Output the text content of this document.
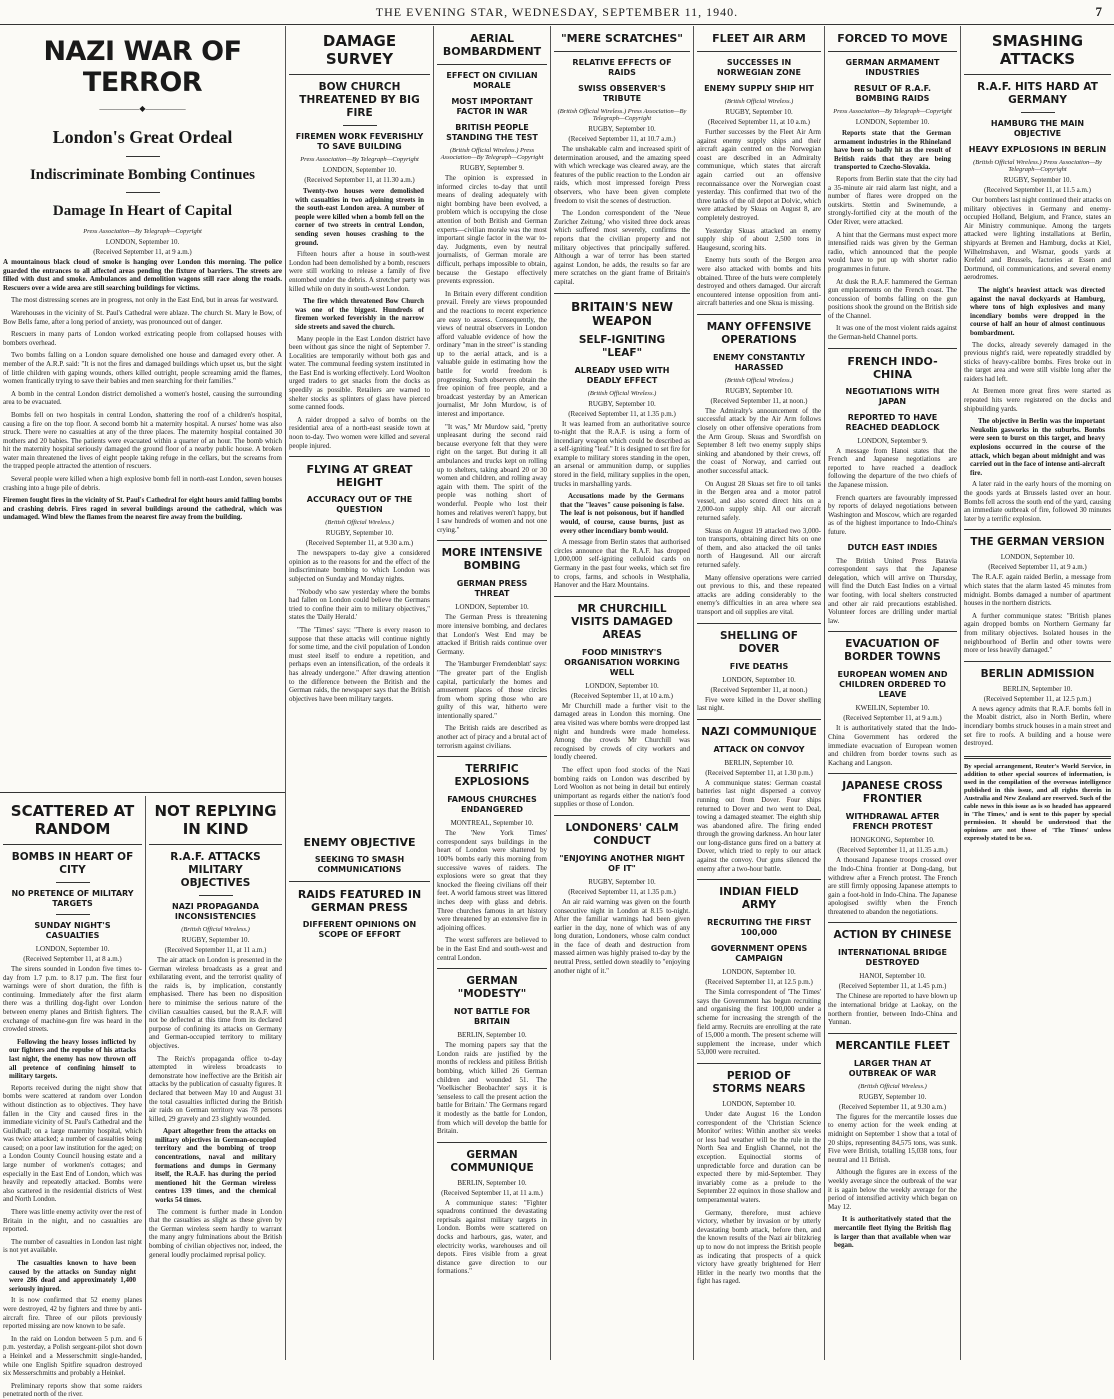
THE EVENING STAR, WEDNESDAY, SEPTEMBER 11, 1940.	7
NAZI WAR OF TERROR
—————◆—————
London's Great Ordeal
Indiscriminate Bombing Continues
Damage In Heart of Capital
Press Association—By Telegraph—Copyright
LONDON, September 10.
(Received September 11, at 9 a.m.)

A mountainous black cloud of smoke is hanging over London this morning. The police guarded the entrances to all affected areas pending the fixture of barriers. The streets are filled with dust and smoke. Ambulances and demolition wagons still race along the roads. Rescuers over a wide area are still searching buildings for victims.

The most distressing scenes are in progress, not only in the East End, but in areas far westward.

Warehouses in the vicinity of St. Paul's Cathedral were ablaze. The church St. Mary le Bow, of Bow Bells fame, after a long period of anxiety, was pronounced out of danger.

Rescuers in many parts of London worked extricating people from collapsed houses with bombers overhead.

Two bombs falling on a London square demolished one house and damaged every other. A member of the A.R.P. said: "It is not the fires and damaged buildings which upset us, but the sight of little children with gaping wounds, others killed outright, people screaming amid the flames, women frantically trying to save their babies and men searching for their families."

A bomb in the central London district demolished a women's hostel, causing the surrounding area to be evacuated.

Bombs fell on two hospitals in central London, shattering the roof of a children's hospital, causing a fire on the top floor. A second bomb hit a maternity hospital. A nurses' home was also struck. There were no casualties at any of the three places. The maternity hospital contained 30 mothers and 20 babies. The patients were evacuated within a quarter of an hour. The bomb which hit the maternity hospital seriously damaged the ground floor of a nearby public house. A broken water main threatened the lives of eight people taking refuge in the cellars, but the screams from the trapped people attracted the attention of rescuers.

Several people were killed when a high explosive bomb fell in north-east London, seven houses crashing into a huge pile of debris.

Firemen fought fires in the vicinity of St. Paul's Cathedral for eight hours amid falling bombs and crashing debris. Fires raged in several buildings around the cathedral, which was undamaged. Wind blew the flames from the nearest fire away from the building.

SCATTERED AT RANDOM
BOMBS IN HEART OF CITY
NO PRETENCE OF MILITARY TARGETS
SUNDAY NIGHT'S CASUALTIES
LONDON, September 10.
(Received September 11, at 8 a.m.)

The sirens sounded in London five times to-day from 1.7 p.m. to 8.17 p.m. The first four warnings were of short duration, the fifth is continuing. Immediately after the first alarm there was a thrilling dog-fight over London between enemy planes and British fighters. The exchange of machine-gun fire was heard in the crowded streets.

Following the heavy losses inflicted by our fighters and the repulse of his attacks last night, the enemy has now thrown off all pretence of confining himself to military targets.

Reports received during the night show that bombs were scattered at random over London without distinction as to objectives. They have fallen in the City and caused fires in the immediate vicinity of St. Paul's Cathedral and the Guildhall; on a large maternity hospital, which was twice attacked; a number of casualties being caused; on a poor law institution for the aged; on a London County Council housing estate and a large number of workmen's cottages; and especially in the East End of London, which was heavily and repeatedly attacked. Bombs were also scattered in the residential districts of West and North London.

There was little enemy activity over the rest of Britain in the night, and no casualties are reported.

The number of casualties in London last night is not yet available.

The casualties known to have been caused by the attacks on Sunday night were 286 dead and approximately 1,400 seriously injured.

It is now confirmed that 52 enemy planes were destroyed, 42 by fighters and three by anti-aircraft fire. Three of our pilots previously reported missing are now known to be safe.

In the raid on London between 5 p.m. and 6 p.m. yesterday, a Polish sergeant-pilot shot down a Heinkel and a Messerschmitt single-handed, while one English Spitfire squadron destroyed six Messerschmitts and probably a Heinkel.

Preliminary reports show that some raiders penetrated north of the river.

DAMAGE SURVEY
BOW CHURCH THREATENED BY BIG FIRE
FIREMEN WORK FEVERISHLY TO SAVE BUILDING
Press Association—By Telegraph—Copyright
LONDON, September 10.
(Received September 11, at 11.30 a.m.)

Twenty-two houses were demolished with casualties in two adjoining streets in the south-east London area. A number of people were killed when a bomb fell on the corner of two streets in central London, sending seven houses crashing to the ground.

Fifteen hours after a house in south-west London had been demolished by a bomb, rescuers were still working to release a family of five entombed under the debris. A stretcher party was killed while on duty in south-west London.

The fire which threatened Bow Church was one of the biggest. Hundreds of firemen worked feverishly in the narrow side streets and saved the church.

Many people in the East London district have been without gas since the night of September 7. Localities are temporarily without both gas and water. The communal feeding system instituted in the East End is working effectively. Lord Woolton urged traders to get snacks from the docks as speedily as possible. Retailers are warned to shelter stocks as splinters of glass have pierced some canned foods.

A raider dropped a salvo of bombs on the residential area of a north-east seaside town at noon to-day. Two women were killed and several people injured.

FLYING AT GREAT HEIGHT
ACCURACY OUT OF THE QUESTION
(British Official Wireless.)
RUGBY, September 10.
(Received September 11, at 9.30 a.m.)

The newspapers to-day give a considered opinion as to the reasons for and the effect of the indiscriminate bombing to which London was subjected on Sunday and Monday nights.

"Nobody who saw yesterday where the bombs had fallen on London could believe the Germans tried to confine their aim to military objectives," states the 'Daily Herald.'

"The 'Times' says: "There is every reason to suppose that these attacks will continue nightly for some time, and the civil population of London must steel itself to endure a repetition, and perhaps even an intensification, of the ordeals it has already undergone." After drawing attention to the difference between the British and the German raids, the newspaper says that the British objectives have been military targets.

NOT REPLYING IN KIND
R.A.F. ATTACKS MILITARY OBJECTIVES
NAZI PROPAGANDA INCONSISTENCIES
(British Official Wireless.)
RUGBY, September 10.
(Received September 11, at 11 a.m.)

The air attack on London is presented in the German wireless broadcasts as a great and exhilarating event, and the terrorist quality of the raids is, by implication, constantly emphasised. There has been no disposition here to minimise the serious nature of the civilian casualties caused, but the R.A.F. will not be deflected at this time from its declared purpose of confining its attacks on Germany and German-occupied territory to military objectives.

The Reich's propaganda office to-day attempted in wireless broadcasts to demonstrate how ineffective are the British air attacks by the publication of casualty figures. It declared that between May 10 and August 31 the total casualties inflicted during the British air raids on German territory was 78 persons killed, 29 gravely and 23 slightly wounded.

Apart altogether from the attacks on military objectives in German-occupied territory and the bombing of troop concentrations, naval and military formations and dumps in Germany itself, the R.A.F. has during the period mentioned hit the German wireless centres 139 times, and the chemical works 54 times.

The comment is further made in London that the casualties as slight as these given by the German wireless seem hardly to warrant the many angry fulminations about the British bombing of civilian objectives nor, indeed, the general loudly proclaimed reprisal policy.

ENEMY OBJECTIVE
SEEKING TO SMASH COMMUNICATIONS
RAIDS FEATURED IN GERMAN PRESS
DIFFERENT OPINIONS ON SCOPE OF EFFORT
AERIAL BOMBARDMENT
EFFECT ON CIVILIAN MORALE
MOST IMPORTANT FACTOR IN WAR
BRITISH PEOPLE STANDING THE TEST
(British Official Wireless.) Press Association—By Telegraph—Copyright
RUGBY, September 9.

The opinion is expressed in informed circles to-day that until means of dealing adequately with night bombing have been evolved, a problem which is occupying the close attention of both British and German experts—civilian morale was the most important single factor in the war to-day. Judgments, even by neutral journalists, of German morale are difficult, perhaps impossible to obtain, because the Gestapo effectively prevents expression.

In Britain every different condition prevail. Freely are views propounded and the reactions to recent experience are easy to assess. Consequently, the views of neutral observers in London afford valuable evidence of how the ordinary "man in the street" is standing up to the aerial attack, and is a valuable guide in estimating how the battle for world freedom is progressing. Such observers obtain the free opinion of free people, and a broadcast yesterday by an American journalist, Mr John Murdow, is of interest and importance.

"It was," Mr Murdow said, "pretty unpleasant during the second raid because everyone felt that they were right on the target. But during it all ambulances and trucks kept on rolling up to shelters, taking aboard 20 or 30 women and children, and rolling away again with them. The spirit of the people was nothing short of wonderful. People who lost their homes and relatives weren't happy, but I saw hundreds of women and not one crying."

MORE INTENSIVE BOMBING
GERMAN PRESS THREAT
LONDON, September 10.

The German Press is threatening more intensive bombing, and declares that London's West End may be attacked if British raids continue over Germany.

The 'Hamburger Fremdenblatt' says: "The greater part of the English capital, particularly the homes and amusement places of those circles from whom spring those who are guilty of this war, hitherto were intentionally spared."

The British raids are described as another act of piracy and a brutal act of terrorism against civilians.

TERRIFIC EXPLOSIONS
FAMOUS CHURCHES ENDANGERED
MONTREAL, September 10.

The 'New York Times' correspondent says buildings in the heart of London were shattered by 100% bombs early this morning from successive waves of raiders. The explosions were so great that they knocked the fleeing civilians off their feet. A world famous street was littered inches deep with glass and debris. Three churches famous in art history were threatened by an extensive fire in adjoining offices.

The worst sufferers are believed to be in the East End and south-west and central London.

GERMAN "MODESTY"
NOT BATTLE FOR BRITAIN
BERLIN, September 10.

The morning papers say that the London raids are justified by the months of reckless and pitiless British bombing, which killed 26 German children and wounded 51. The 'Voelkischer Beobachter' says it is 'senseless to call the present action the battle for Britain.' The Germans regard it modestly as the battle for London, from which will develop the battle for Britain.

GERMAN COMMUNIQUE
BERLIN, September 10.
(Received September 11, at 11 a.m.)

A communique states: "Fighter squadrons continued the devastating reprisals against military targets in London. Bombs were scattered on docks and harbours, gas, water, and electricity works, warehouses and oil depots. Fires visible from a great distance gave direction to our formations."

"MERE SCRATCHES"
RELATIVE EFFECTS OF RAIDS
SWISS OBSERVER'S TRIBUTE
(British Official Wireless.) Press Association—By Telegraph—Copyright
RUGBY, September 10.
(Received September 11, at 10.7 a.m.)

The unshakable calm and increased spirit of determination aroused, and the amazing speed with which wreckage was cleared away, are the features of the public reaction to the London air raids, which most impressed foreign Press observers, who have been given complete freedom to visit the scenes of destruction.

The London correspondent of the 'Neue Zuricher Zeitung,' who visited three dock areas which suffered most severely, confirms the reports that the civilian property and not military objectives that principally suffered. Although a war of terror has been started against London, he adds, the results so far are mere scratches on the giant frame of Britain's capital.

BRITAIN'S NEW WEAPON
SELF-IGNITING "LEAF"
ALREADY USED WITH DEADLY EFFECT
(British Official Wireless.)
RUGBY, September 10.
(Received September 11, at 1.35 p.m.)

It was learned from an authoritative source to-night that the R.A.F. is using a form of incendiary weapon which could be described as a self-igniting "leaf." It is designed to set fire for example to military stores standing in the open, an arsenal or ammunition dump, or supplies stored in the field, military supplies in the open, trucks in marshalling yards.

Accusations made by the Germans that the "leaves" cause poisoning is false. The leaf is not poisonous, but if handled would, of course, cause burns, just as every other incendiary bomb would.

A message from Berlin states that authorised circles announce that the R.A.F. has dropped 1,000,000 self-igniting celluloid cards on Germany in the past four weeks, which set fire to crops, farms, and schools in Westphalia, Hanover and the Harz Mountains.

MR CHURCHILL VISITS DAMAGED AREAS
FOOD MINISTRY'S ORGANISATION WORKING WELL
LONDON, September 10.
(Received September 11, at 10 a.m.)

Mr Churchill made a further visit to the damaged areas in London this morning. One area visited was where bombs were dropped last night and hundreds were made homeless. Among the crowds Mr Churchill was recognised by crowds of city workers and loudly cheered.

The effect upon food stocks of the Nazi bombing raids on London was described by Lord Woolton as not being in detail but entirely unimportant as regards either the nation's food supplies or those of London.

LONDONERS' CALM CONDUCT
"ENJOYING ANOTHER NIGHT OF IT"
RUGBY, September 10.
(Received September 11, at 1.35 p.m.)

An air raid warning was given on the fourth consecutive night in London at 8.15 to-night. After the familiar warnings had been given earlier in the day, none of which was of any long duration, Londoners, whose calm conduct in the face of death and destruction from massed airmen was highly praised to-day by the neutral Press, settled down steadily to "enjoying another night of it."

FLEET AIR ARM
SUCCESSES IN NORWEGIAN ZONE
ENEMY SUPPLY SHIP HIT
(British Official Wireless.)
RUGBY, September 10.
(Received September 11, at 10 a.m.)

Further successes by the Fleet Air Arm against enemy supply ships and their aircraft again centred on the Norwegian coast are described in an Admiralty communique, which states that aircraft again carried out an offensive reconnaissance over the Norwegian coast yesterday. This confirmed that two of the three tanks of the oil depot at Dolvic, which were attacked by Skuas on August 8, are completely destroyed.

Yesterday Skuas attacked an enemy supply ship of about 2,500 tons in Haugesund, scoring hits.

Enemy huts south of the Bergen area were also attacked with bombs and hits obtained. Three of the huts were completely destroyed and others damaged. Our aircraft encountered intense opposition from anti-aircraft batteries and one Skua is missing.

MANY OFFENSIVE OPERATIONS
ENEMY CONSTANTLY HARASSED
(British Official Wireless.)
RUGBY, September 10.
(Received September 11, at noon.)

The Admiralty's announcement of the successful attack by the Air Arm follows closely on other offensive operations from the Arm Group. Skuas and Swordfish on September 8 left two enemy supply ships sinking and abandoned by their crews, off the coast of Norway, and carried out another successful attack.

On August 28 Skuas set fire to oil tanks in the Bergen area and a motor patrol vessel, and also scored direct hits on a 2,000-ton supply ship. All our aircraft returned safely.

Skuas on August 19 attacked two 3,000-ton transports, obtaining direct hits on one of them, and also attacked the oil tanks north of Haugesund. All our aircraft returned safely.

Many offensive operations were carried out previous to this, and these repeated attacks are adding considerably to the enemy's difficulties in an area where sea transport and oil supplies are vital.

SHELLING OF DOVER
FIVE DEATHS
LONDON, September 10.
(Received September 11, at noon.)

Five were killed in the Dover shelling last night.

NAZI COMMUNIQUE
ATTACK ON CONVOY
BERLIN, September 10.
(Received September 11, at 1.30 p.m.)

A communique states: German coastal batteries last night dispersed a convoy running out from Dover. Four ships returned to Dover and two went to Deal, towing a damaged steamer. The eighth ship was abandoned afire. The firing ended through the growing darkness. An hour later our long-distance guns fired on a battery at Dover, which tried to reply to our attack against the convoy. Our guns silenced the enemy after a two-hour battle.

INDIAN FIELD ARMY
RECRUITING THE FIRST 100,000
GOVERNMENT OPENS CAMPAIGN
LONDON, September 10.
(Received September 11, at 12.5 p.m.)

The Simla correspondent of 'The Times' says the Government has begun recruiting and organising the first 100,000 under a scheme for increasing the strength of the field army. Recruits are enrolling at the rate of 15,000 a month. The present scheme will supplement the increase, under which 53,000 were recruited.

PERIOD OF STORMS NEARS
LONDON, September 10.

Under date August 16 the London correspondent of the 'Christian Science Monitor' writes: Within another six weeks or less bad weather will be the rule in the North Sea and English Channel, not the exception. Equinoctial storms of unpredictable force and duration can be expected there by mid-September. They invariably come as a prelude to the September 22 equinox in those shallow and temperamental waters.

Germany, therefore, must achieve victory, whether by invasion or by utterly devastating bomb attack, before then, and the known results of the Nazi air blitzkrieg up to now do not impress the British people as indicating that prospects of a quick victory have greatly brightened for Herr Hitler in the nearly two months that the fight has raged.

FORCED TO MOVE
GERMAN ARMAMENT INDUSTRIES
RESULT OF R.A.F. BOMBING RAIDS
Press Association—By Telegraph—Copyright
LONDON, September 10.

Reports state that the German armament industries in the Rhineland have been so badly hit as the result of British raids that they are being transported to Czecho-Slovakia.

Reports from Berlin state that the city had a 35-minute air raid alarm last night, and a number of flares were dropped on the outskirts. Stettin and Swinemunde, a strongly-fortified city at the mouth of the Oder River, were attacked.

A hint that the Germans must expect more intensified raids was given by the German radio, which announced that the people would have to put up with shorter radio programmes in future.

At dusk the R.A.F. hammered the German gun emplacements on the French coast. The concussion of bombs falling on the gun positions shook the ground on the British side of the Channel.

It was one of the most violent raids against the German-held Channel ports.

FRENCH INDO-CHINA
NEGOTIATIONS WITH JAPAN
REPORTED TO HAVE REACHED DEADLOCK
LONDON, September 9.

A message from Hanoi states that the French and Japanese negotiations are reported to have reached a deadlock following the departure of the two chiefs of the Japanese mission.

French quarters are favourably impressed by reports of delayed negotiations between Washington and Moscow, which are regarded as of the highest importance to Indo-China's future.

DUTCH EAST INDIES

The British United Press Batavia correspondent says that the Japanese delegation, which will arrive on Thursday, will find the Dutch East Indies on a virtual war footing, with local shelters constructed and other air raid precautions established. Volunteer forces are drilling under martial law.

EVACUATION OF BORDER TOWNS
EUROPEAN WOMEN AND CHILDREN ORDERED TO LEAVE
KWEILIN, September 10.
(Received September 11, at 9 a.m.)

It is authoritatively stated that the Indo-China Government has ordered the immediate evacuation of European women and children from border towns such as Kachang and Langson.

JAPANESE CROSS FRONTIER
WITHDRAWAL AFTER FRENCH PROTEST
HONGKONG, September 10.
(Received September 11, at 11.35 a.m.)

A thousand Japanese troops crossed over the Indo-China frontier at Dong-dang, but withdrew after a French protest. The French are still firmly opposing Japanese attempts to gain a foot-hold in Indo-China. The Japanese apologised swiftly when the French threatened to abandon the negotiations.

ACTION BY CHINESE
INTERNATIONAL BRIDGE DESTROYED
HANOI, September 10.
(Received September 11, at 1.45 p.m.)

The Chinese are reported to have blown up the international bridge at Laokay, on the northern frontier, between Indo-China and Yunnan.

MERCANTILE FLEET
LARGER THAN AT OUTBREAK OF WAR
(British Official Wireless.)
RUGBY, September 10.
(Received September 11, at 9.30 a.m.)

The figures for the mercantile losses due to enemy action for the week ending at midnight on September 1 show that a total of 20 ships, representing 84,575 tons, was sunk. Five were British, totalling 15,038 tons, four neutral and 11 British.

Although the figures are in excess of the weekly average since the outbreak of the war it is again below the weekly average for the period of intensified activity which began on May 12.

It is authoritatively stated that the mercantile fleet flying the British flag is larger than that available when war began.

SMASHING ATTACKS
R.A.F. HITS HARD AT GERMANY
HAMBURG THE MAIN OBJECTIVE
HEAVY EXPLOSIONS IN BERLIN
(British Official Wireless.) Press Association—By Telegraph—Copyright
RUGBY, September 10.
(Received September 11, at 11.5 a.m.)

Our bombers last night continued their attacks on military objectives in Germany and enemy-occupied Holland, Belgium, and France, states an Air Ministry communique. Among the targets attacked were lighting installations at Berlin, shipyards at Bremen and Hamburg, docks at Kiel, Wilhelmshaven, and Wismar, goods yards at Krefeld and Brussels, factories at Essen and Dortmund, oil communications, and several enemy aerodromes.

The night's heaviest attack was directed against the naval dockyards at Hamburg, where tons of high explosives and many incendiary bombs were dropped in the course of half an hour of almost continuous bombardment.

The docks, already severely damaged in the previous night's raid, were repeatedly straddled by sticks of heavy-calibre bombs. Fires broke out in the target area and were still visible long after the raiders had left.

At Bremen more great fires were started as repeated hits were registered on the docks and shipbuilding yards.

The objective in Berlin was the important Neukolin gasworks in the suburbs. Bombs were seen to burst on this target, and heavy explosions occurred in the course of the attack, which began about midnight and was carried out in the face of intense anti-aircraft fire.

A later raid in the early hours of the morning on the goods yards at Brussels lasted over an hour. Bombs fell across the south end of the yard, causing an immediate outbreak of fire, followed 30 minutes later by a terrific explosion.

THE GERMAN VERSION
LONDON, September 10.
(Received September 11, at 9 a.m.)

The R.A.F. again raided Berlin, a message from which states that the alarm lasted 45 minutes from midnight. Bombs damaged a number of apartment houses in the northern districts.

A further communique states: "British planes again dropped bombs on Northern Germany far from military objectives. Isolated houses in the neighbourhood of Berlin and other towns were more or less heavily damaged."

BERLIN ADMISSION
BERLIN, September 10.
(Received September 11, at 12.5 p.m.)

A news agency admits that R.A.F. bombs fell in the Moabit district, also in North Berlin, where incendiary bombs struck houses in a main street and set fire to roofs. A building and a house were destroyed.

By special arrangement, Reuter's World Service, in addition to other special sources of information, is used in the compilation of the overseas intelligence published in this issue, and all rights therein in Australia and New Zealand are reserved. Such of the cable news in this issue as is so headed has appeared in 'The Times,' and is sent to this paper by special permission. It should be understood that the opinions are not those of 'The Times' unless expressly stated to be so.
